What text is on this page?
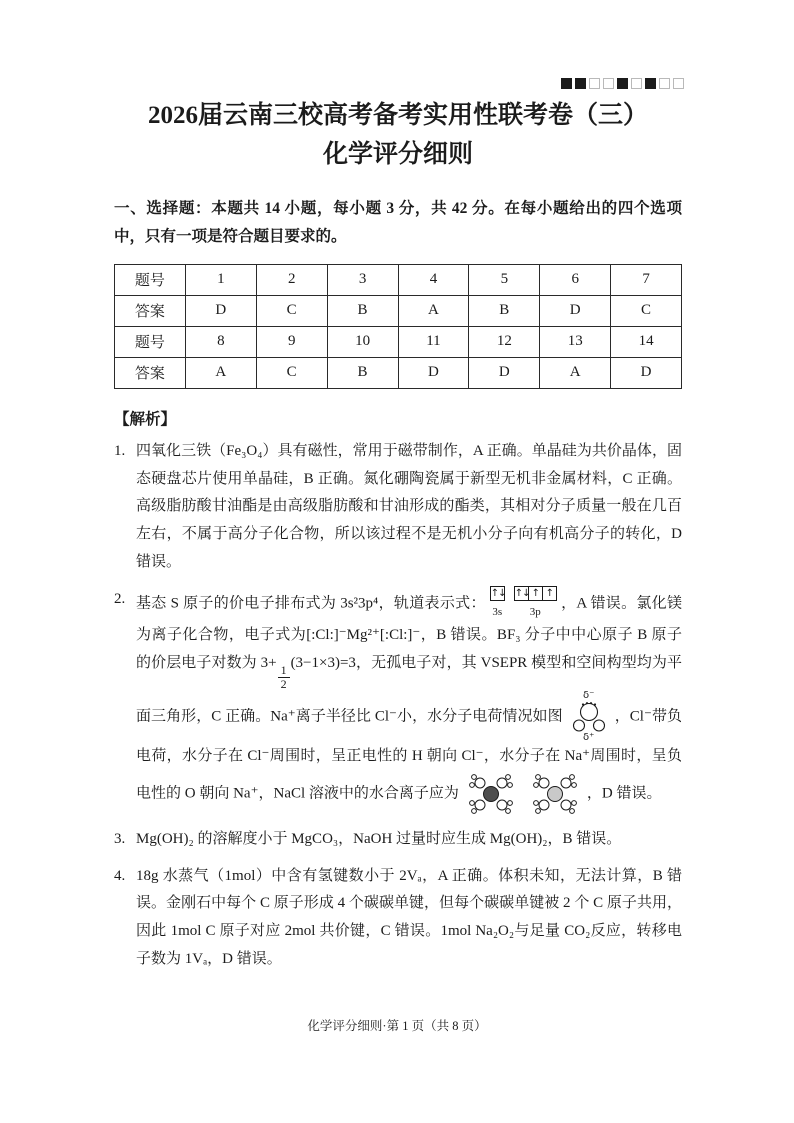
2026届云南三校高考备考实用性联考卷（三）
化学评分细则

一、选择题：本题共 14 小题，每小题 3 分，共 42 分。在每小题给出的四个选项中，只有一项是符合题目要求的。

题号	1	2	3	4	5	6	7
答案	D	C	B	A	B	D	C
题号	8	9	10	11	12	13	14
答案	A	C	B	D	D	A	D

【解析】

1. 四氧化三铁（Fe₃O₄）具有磁性，常用于磁带制作，A 正确。单晶硅为共价晶体，固态硬盘芯片使用单晶硅，B 正确。氮化硼陶瓷属于新型无机非金属材料，C 正确。高级脂肪酸甘油酯是由高级脂肪酸和甘油形成的酯类，其相对分子质量一般在几百左右，不属于高分子化合物，所以该过程不是无机小分子向有机高分子的转化，D 错误。
2. 基态 S 原子的价电子排布式为 3s²3p⁴，轨道表示式：
↑↓
3s
↑↓ ↑ ↑
3p
，A 错误。氯化镁为离子化合物，电子式为[:Cl:]⁻Mg²⁺[:Cl:]⁻，B 错误。BF₃ 分子中中心原子 B 原子的价层电子对数为 3+
$\frac{1}{2}$
(3−1×3)=3，无孤电子对，其 VSEPR 模型和空间构型均为平面三角形，C 正确。Na⁺离子半径比 Cl⁻小，水分子电荷情况如图
δ⁻
δ⁺
，Cl⁻带负电荷，水分子在 Cl⁻周围时，呈正电性的 H 朝向 Cl⁻，水分子在 Na⁺周围时，呈负电性的 O 朝向 Na⁺，NaCl 溶液中的水合离子应为	，D 错误。
3. Mg(OH)₂ 的溶解度小于 MgCO₃，NaOH 过量时应生成 Mg(OH)₂，B 错误。
4. 18g 水蒸气（1mol）中含有氢键数小于 2Vₐ，A 正确。体积未知，无法计算，B 错误。金刚石中每个 C 原子形成 4 个碳碳单键，但每个碳碳单键被 2 个 C 原子共用，因此 1mol C 原子对应 2mol 共价键，C 错误。1mol Na₂O₂与足量 CO₂反应，转移电子数为 1Vₐ，D 错误。
化学评分细则·第 1 页（共 8 页）
